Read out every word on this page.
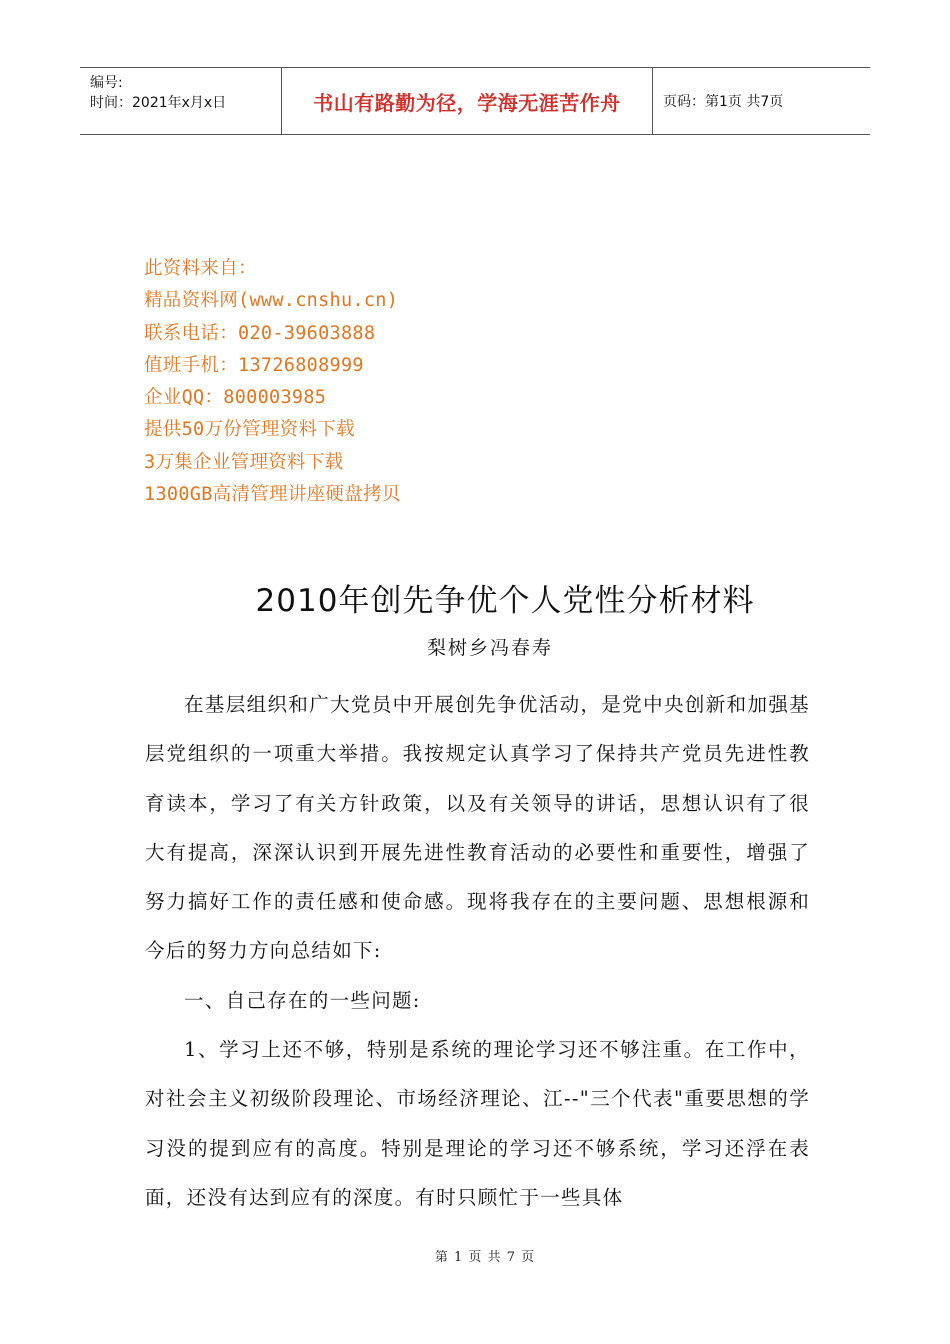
编号:
时间：2021年x月x日	书山有路勤为径，学海无涯苦作舟	页码：第1页 共7页
此资料来自：
精品资料网(www.cnshu.cn)
联系电话：020-39603888
值班手机：13726808999
企业QQ：800003985
提供50万份管理资料下载
3万集企业管理资料下载
1300GB高清管理讲座硬盘拷贝
2010年创先争优个人党性分析材料
梨树乡冯春寿

在基层组织和广大党员中开展创先争优活动，是党中央创新和加强基层党组织的一项重大举措。我按规定认真学习了保持共产党员先进性教育读本，学习了有关方针政策，以及有关领导的讲话，思想认识有了很大有提高，深深认识到开展先进性教育活动的必要性和重要性，增强了努力搞好工作的责任感和使命感。现将我存在的主要问题、思想根源和今后的努力方向总结如下:

一、自己存在的一些问题:

1、学习上还不够，特别是系统的理论学习还不够注重。在工作中，对社会主义初级阶段理论、市场经济理论、江--"三个代表"重要思想的学习没的提到应有的高度。特别是理论的学习还不够系统，学习还浮在表面，还没有达到应有的深度。有时只顾忙于一些具体

第 1 页 共 7 页
